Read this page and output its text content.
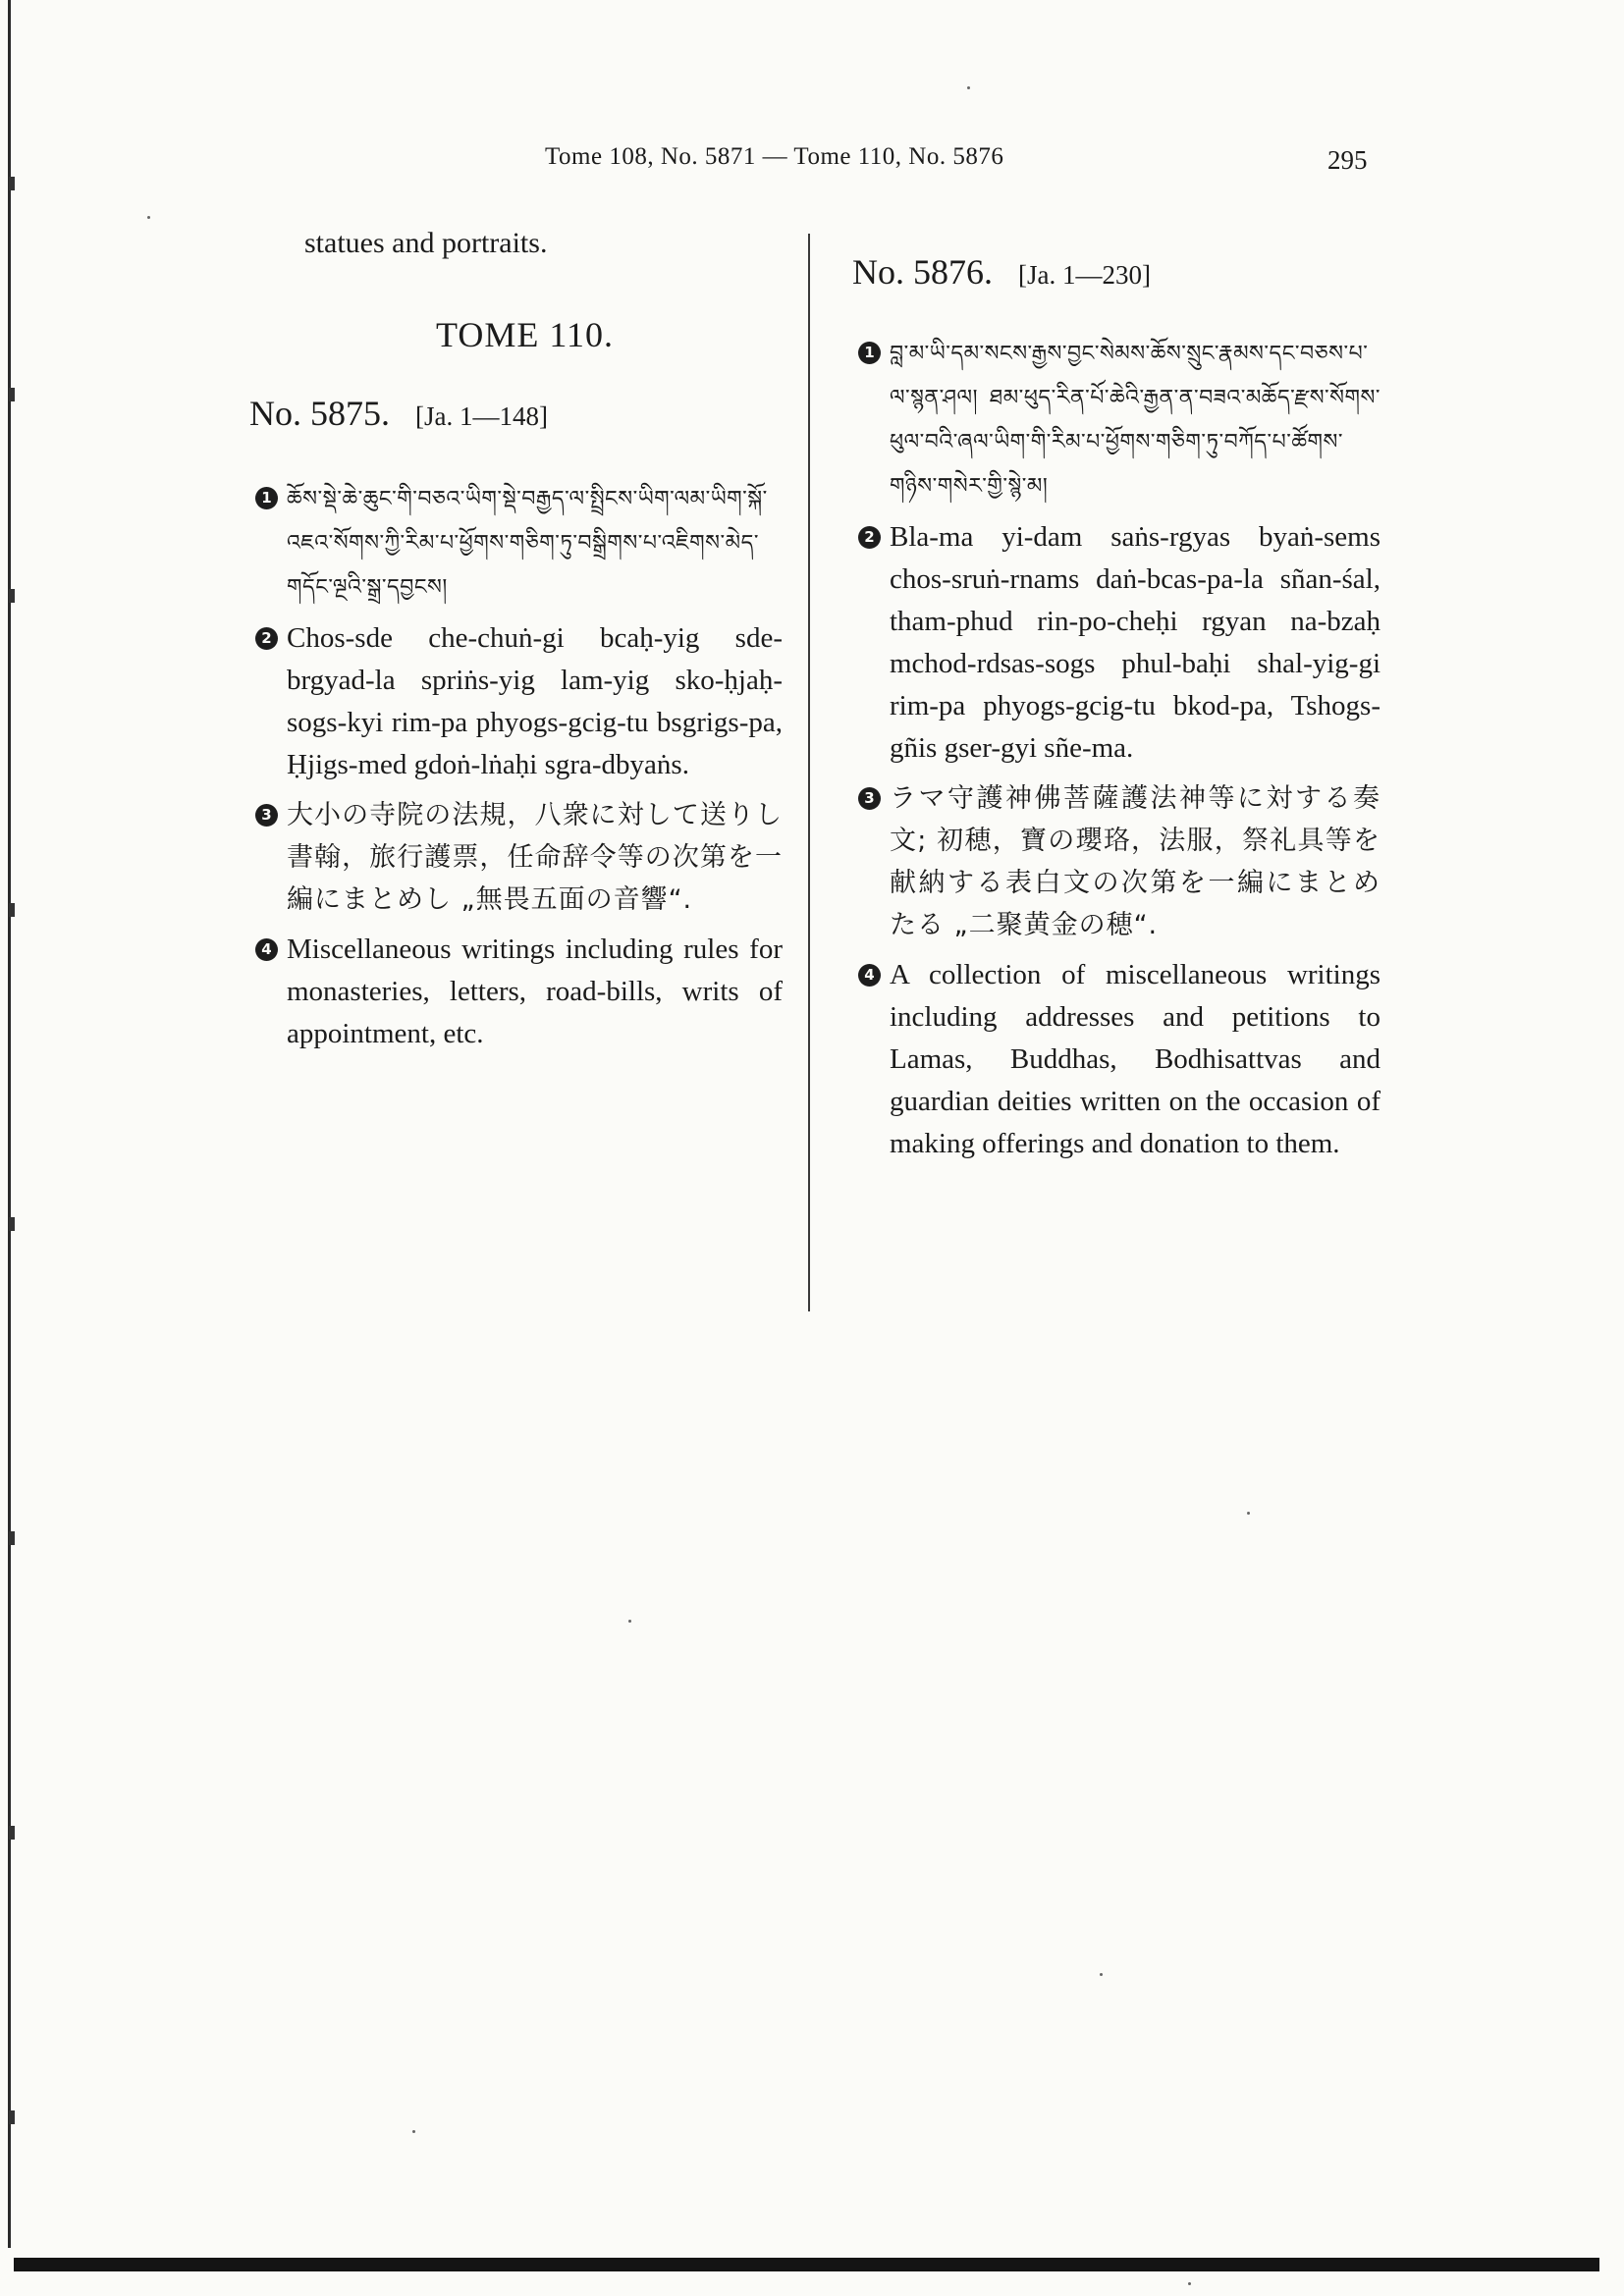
Tome 108, No. 5871 — Tome 110, No. 5876	295

statues and portraits.

TOME 110.
No. 5875. [Ja. 1—148]
1 ཆོས་སྡེ་ཆེ་ཆུང་གི་བཅའ་ཡིག་སྡེ་བརྒྱད་ལ་སྤྲིངས་ཡིག་ལམ་ཡིག་སྐོ་འཇའ་སོགས་ཀྱི་རིམ་པ་ཕྱོགས་གཅིག་ཏུ་བསྒྲིགས་པ་འཇིགས་མེད་གདོང་ལྔའི་སྒྲ་དབྱངས།
2 Chos-sde che-chuṅ-gi bcaḥ-yig sde-brgyad-la spriṅs-yig lam-yig sko-ḥjaḥ-sogs-kyi rim-pa phyogs-gcig-tu bsgrigs-pa, Ḥjigs-med gdoṅ-lṅaḥi sgra-dbyaṅs.
3 大小の寺院の法規，八衆に対して送りし書翰，旅行護票，任命辞令等の次第を一編にまとめし „無畏五面の音響“.
4 Miscellaneous writings including rules for monasteries, letters, road-bills, writs of appointment, etc.
No. 5876. [Ja. 1—230]
1 བླ་མ་ཡི་དམ་སངས་རྒྱས་བྱང་སེམས་ཆོས་སྲུང་རྣམས་དང་བཅས་པ་ལ་སྙན་ཤལ། ཐམ་ཕུད་རིན་པོ་ཆེའི་རྒྱན་ན་བཟའ་མཆོད་རྫས་སོགས་ཕུལ་བའི་ཞལ་ཡིག་གི་རིམ་པ་ཕྱོགས་གཅིག་ཏུ་བཀོད་པ་ཚོགས་གཉིས་གསེར་གྱི་སྙེ་མ།
2 Bla-ma yi-dam saṅs-rgyas byaṅ-sems chos-sruṅ-rnams daṅ-bcas-pa-la sñan-śal, tham-phud rin-po-cheḥi rgyan na-bzaḥ mchod-rdsas-sogs phul-baḥi shal-yig-gi rim-pa phyogs-gcig-tu bkod-pa, Tshogs-gñis gser-gyi sñe-ma.
3 ラマ守護神佛菩薩護法神等に対する奏文; 初穂，寶の瓔珞，法服，祭礼具等を献納する表白文の次第を一編にまとめたる „二聚黄金の穂“.
4 A collection of miscellaneous writings including addresses and petitions to Lamas, Buddhas, Bodhisattvas and guardian deities written on the occasion of making offerings and donation to them.
